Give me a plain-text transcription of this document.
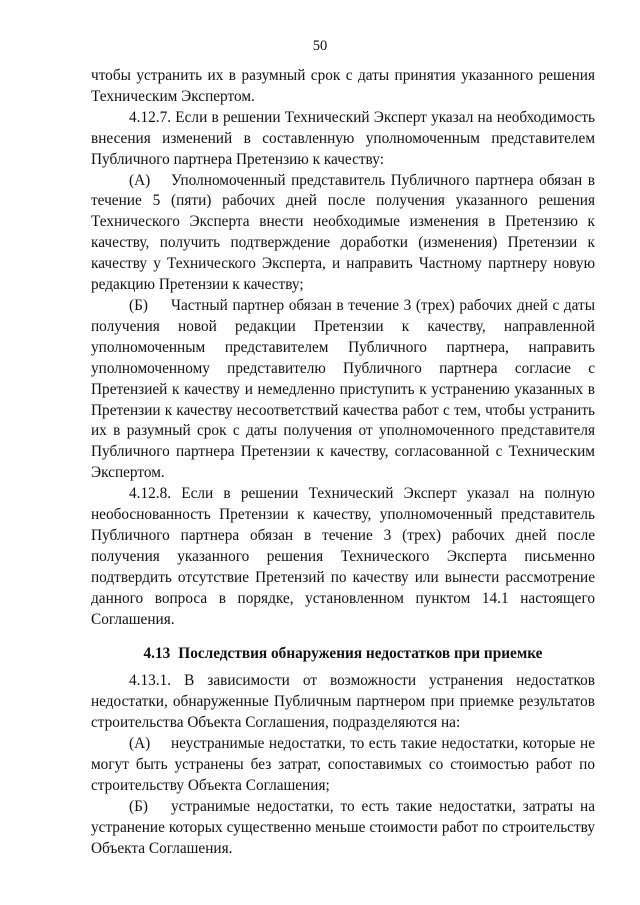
50

чтобы устранить их в разумный срок с даты принятия указанного решения Техническим Экспертом.

4.12.7. Если в решении Технический Эксперт указал на необходимость внесения изменений в составленную уполномоченным представителем Публичного партнера Претензию к качеству:

(А) Уполномоченный представитель Публичного партнера обязан в течение 5 (пяти) рабочих дней после получения указанного решения Технического Эксперта внести необходимые изменения в Претензию к качеству, получить подтверждение доработки (изменения) Претензии к качеству у Технического Эксперта, и направить Частному партнеру новую редакцию Претензии к качеству;

(Б) Частный партнер обязан в течение 3 (трех) рабочих дней с даты получения новой редакции Претензии к качеству, направленной уполномоченным представителем Публичного партнера, направить уполномоченному представителю Публичного партнера согласие с Претензией к качеству и немедленно приступить к устранению указанных в Претензии к качеству несоответствий качества работ с тем, чтобы устранить их в разумный срок с даты получения от уполномоченного представителя Публичного партнера Претензии к качеству, согласованной с Техническим Экспертом.

4.12.8. Если в решении Технический Эксперт указал на полную необоснованность Претензии к качеству, уполномоченный представитель Публичного партнера обязан в течение 3 (трех) рабочих дней после получения указанного решения Технического Эксперта письменно подтвердить отсутствие Претензий по качеству или вынести рассмотрение данного вопроса в порядке, установленном пунктом 14.1 настоящего Соглашения.

4.13 Последствия обнаружения недостатков при приемке

4.13.1. В зависимости от возможности устранения недостатков недостатки, обнаруженные Публичным партнером при приемке результатов строительства Объекта Соглашения, подразделяются на:

(А) неустранимые недостатки, то есть такие недостатки, которые не могут быть устранены без затрат, сопоставимых со стоимостью работ по строительству Объекта Соглашения;

(Б) устранимые недостатки, то есть такие недостатки, затраты на устранение которых существенно меньше стоимости работ по строительству Объекта Соглашения.
